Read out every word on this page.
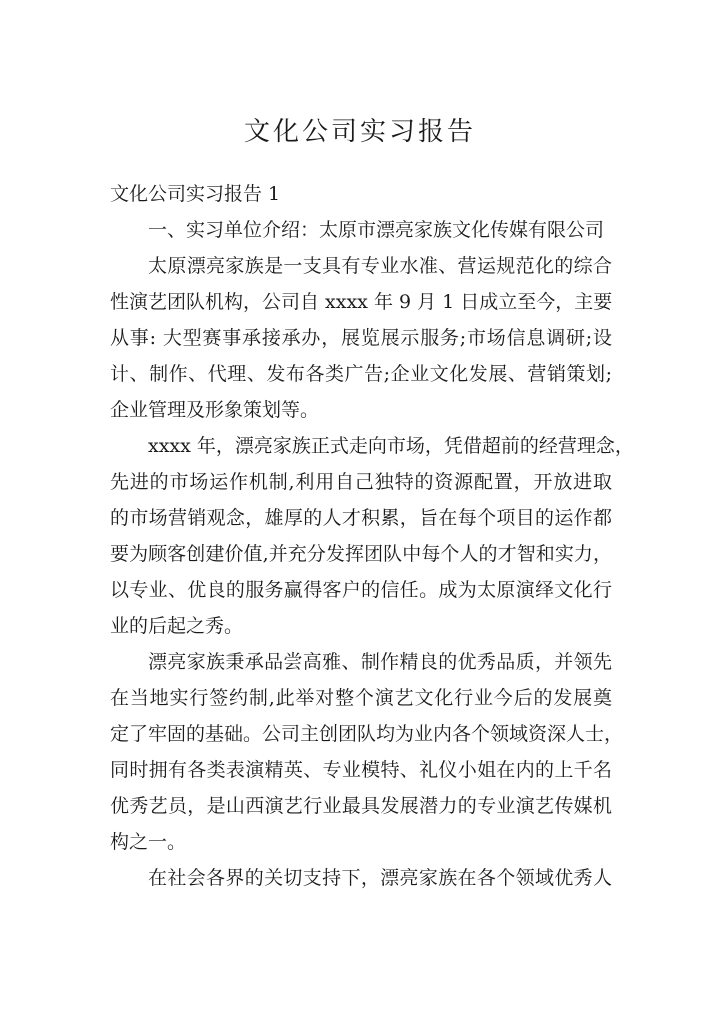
文化公司实习报告

文化公司实习报告 1

一、实习单位介绍：太原市漂亮家族文化传媒有限公司

太原漂亮家族是一支具有专业水准、营运规范化的综合
性演艺团队机构，公司自 xxxx 年 9 月 1 日成立至今，主要
从事: 大型赛事承接承办，展览展示服务;市场信息调研;设
计、制作、代理、发布各类广告;企业文化发展、营销策划;
企业管理及形象策划等。

xxxx 年，漂亮家族正式走向市场，凭借超前的经营理念，
先进的市场运作机制,利用自己独特的资源配置，开放进取
的市场营销观念，雄厚的人才积累，旨在每个项目的运作都
要为顾客创建价值,并充分发挥团队中每个人的才智和实力，
以专业、优良的服务赢得客户的信任。成为太原演绎文化行
业的后起之秀。

漂亮家族秉承品尝高雅、制作精良的优秀品质，并领先
在当地实行签约制,此举对整个演艺文化行业今后的发展奠
定了牢固的基础。公司主创团队均为业内各个领域资深人士，
同时拥有各类表演精英、专业模特、礼仪小姐在内的上千名
优秀艺员，是山西演艺行业最具发展潜力的专业演艺传媒机
构之一。

在社会各界的关切支持下，漂亮家族在各个领域优秀人
